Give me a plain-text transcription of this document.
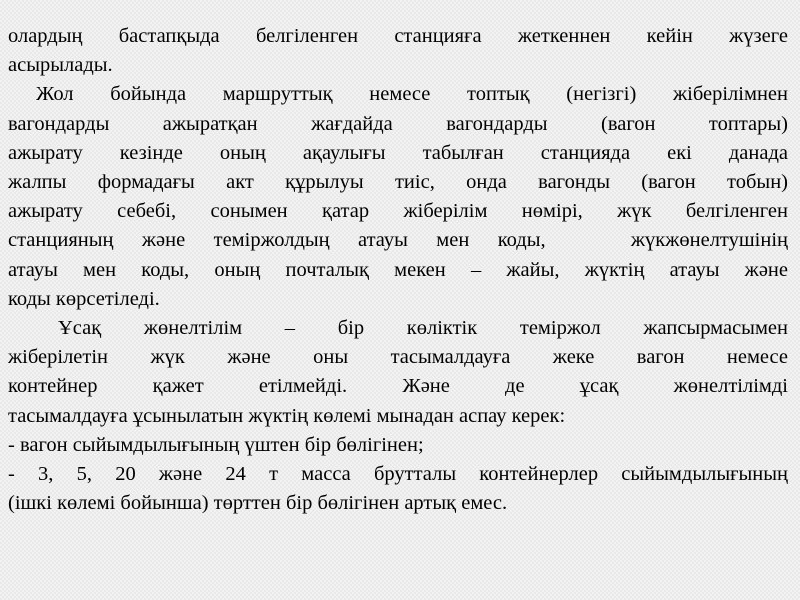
олардың бастапқыда белгіленген станцияға жеткеннен кейін жүзеге
асырылады.

Жол бойында маршруттық немесе топтық (негізгі) жіберілімнен
вагондарды ажыратқан жағдайда вагондарды (вагон топтары)
ажырату кезінде оның ақаулығы табылған станцияда екі данада
жалпы формадағы акт құрылуы тиіс, онда вагонды (вагон тобын)
ажырату себебі, сонымен қатар жіберілім нөмірі, жүк белгіленген
станцияның және теміржолдың атауы мен коды,   жүкжөнелтушінің
атауы мен коды, оның почталық мекен – жайы, жүктің атауы және
коды көрсетіледі.

Ұсақ жөнелтілім – бір көліктік теміржол жапсырмасымен
жіберілетін жүк және оны тасымалдауға жеке вагон немесе
контейнер қажет етілмейді. Және де ұсақ жөнелтілімді
тасымалдауға ұсынылатын жүктің көлемі мынадан аспау керек:

- вагон сыйымдылығының үштен бір бөлігінен;

- 3, 5, 20 және 24 т масса брутталы контейнерлер сыйымдылығының
(ішкі көлемі бойынша) төрттен бір бөлігінен артық емес.
